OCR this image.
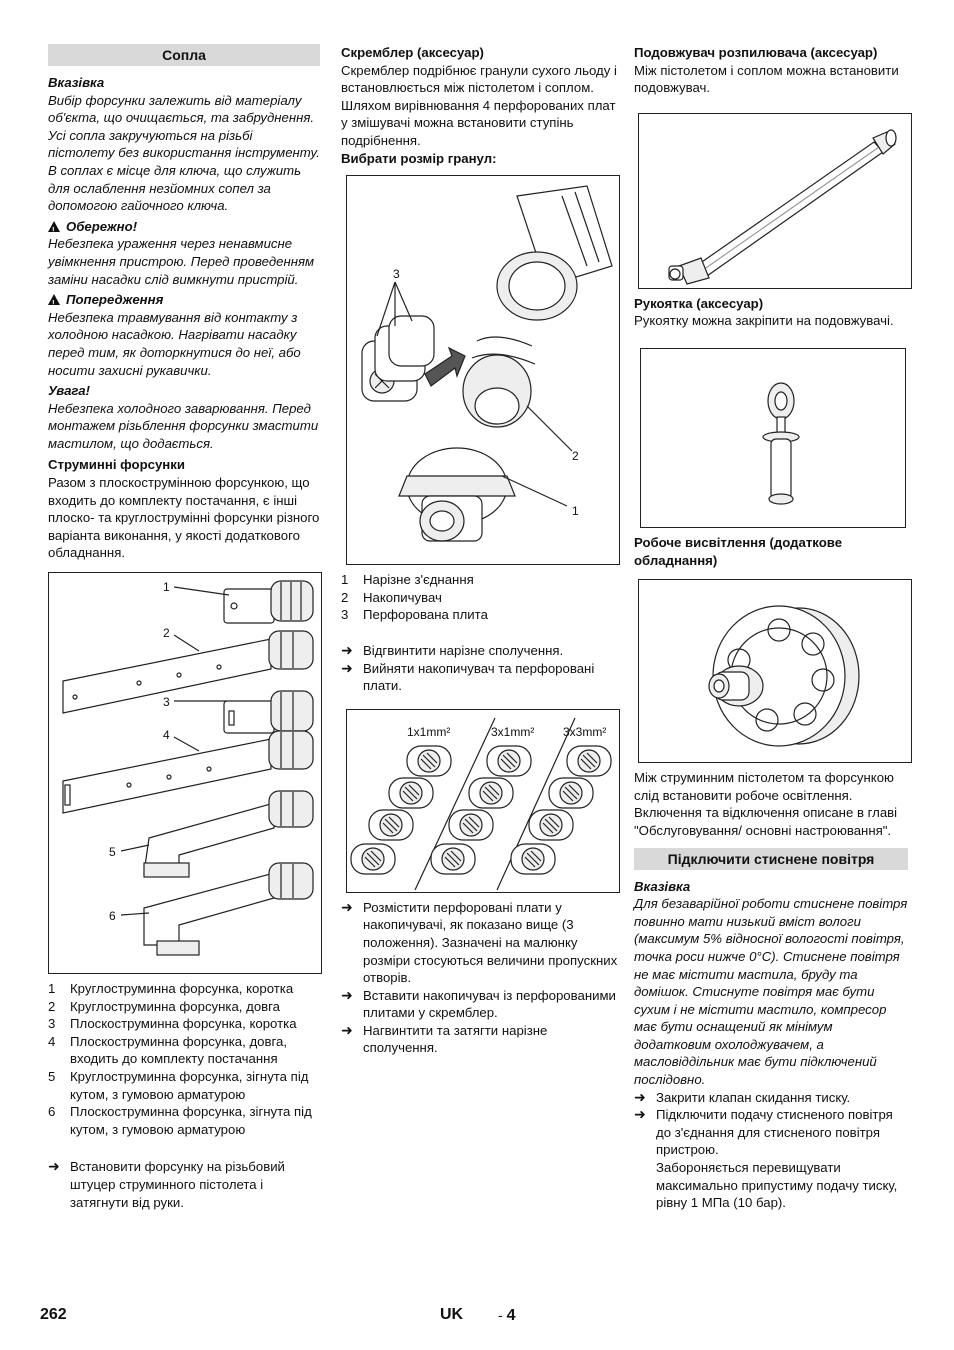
Сопла

Вказівка

Вибір форсунки залежить від матеріалу об'єкта, що очищається, та забруднення.

Усі сопла закручуються на різьбі пістолету без використання інструменту. В соплах є місце для ключа, що служить для ослаблення незйомних сопел за допомогою гайочного ключа.

!Обережно!

Небезпека ураження через ненавмисне увімкнення пристрою. Перед проведенням заміни насадки слід вимкнути пристрій.

!Попередження

Небезпека травмування від контакту з холодною насадкою. Нагрівати насадку перед тим, як доторкнутися до неї, або носити захисні рукавички.

Увага!

Небезпека холодного заварювання. Перед монтажем різьблення форсунки змастити мастилом, що додається.

Струминні форсунки

Разом з плоскострумінною форсункою, що входить до комплекту постачання, є інші плоско- та круглострумінні форсунки різного варіанта виконання, у якості додаткового обладнання.

1
2
3
4
5
6
1	Круглоструминна форсунка, коротка
2	Круглоструминна форсунка, довга
3	Плоскоструминна форсунка, коротка
4	Плоскоструминна форсунка, довга, входить до комплекту постачання
5	Круглоструминна форсунка, зігнута під кутом, з гумовою арматурою
6	Плоскоструминна форсунка, зігнута під кутом, з гумовою арматурою
➜ Встановити форсунку на різьбовий штуцер струминного пістолета і затягнути від руки.

Скремблер (аксесуар)

Скремблер подрібнює гранули сухого льоду і встановлюється між пістолетом і соплом.

Шляхом вирівнювання 4 перфорованих плат у змішувачі можна встановити ступінь подрібнення.

Вибрати розмір гранул:

3
2
1
1	Нарізне з'єднання
2	Накопичувач
3	Перфорована плита
➜ Відгвинтити нарізне сполучення.
➜ Вийняти накопичувач та перфоровані плати.
1x1mm²	3x1mm² 3x3mm²
➜ Розмістити перфоровані плати у накопичувачі, як показано вище (3 положення). Зазначені на малюнку розміри стосуються величини пропускних отворів.
➜ Вставити накопичувач із перфорованими плитами у скремблер.
➜ Нагвинтити та затягти нарізне сполучення.

Подовжувач розпилювача (аксесуар)

Між пістолетом і соплом можна встановити подовжувач.

Рукоятка (аксесуар)

Рукоятку можна закріпити на подовжувачі.

Робоче висвітлення (додаткове обладнання)

Між струминним пістолетом та форсункою слід встановити робоче освітлення. Включення та відключення описане в главі "Обслуговування/ основні настроювання".

Підключити стиснене повітря

Вказівка

Для безаварійної роботи стиснене повітря повинно мати низький вміст вологи (максимум 5% відносної вологості повітря, точка роси нижче 0°C). Стиснене повітря не має містити мастила, бруду та домішок. Стиснуте повітря має бути сухим і не містити мастило, компресор має бути оснащений як мінімум додатковим охолоджувачем, а масловіддільник має бути підключений послідовно.

➜ Закрити клапан скидання тиску.
➜ Підключити подачу стисненого повітря до з'єднання для стисненого повітря пристрою.

Забороняється перевищувати максимально припустиму подачу тиску, рівну 1 МПа (10 бар).

262	UK - 4
